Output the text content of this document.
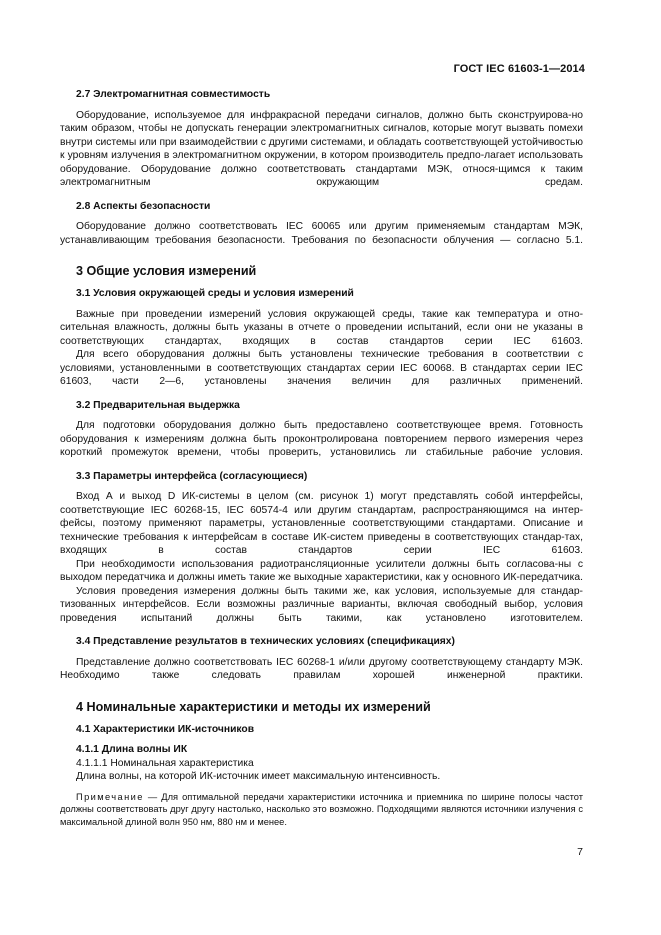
ГОСТ IEC 61603-1—2014
2.7 Электромагнитная совместимость

Оборудование, используемое для инфракрасной передачи сигналов, должно быть сконструирова-но таким образом, чтобы не допускать генерации электромагнитных сигналов, которые могут вызвать помехи внутри системы или при взаимодействии с другими системами, и обладать соответствующей устойчивостью к уровням излучения в электромагнитном окружении, в котором производитель предпо-лагает использовать оборудование. Оборудование должно соответствовать стандартами МЭК, относя-щимся к таким электромагнитным окружающим средам.

2.8 Аспекты безопасности

Оборудование должно соответствовать IEC 60065 или другим применяемым стандартам МЭК, устанавливающим требования безопасности. Требования по безопасности облучения — согласно 5.1.

3 Общие условия измерений
3.1 Условия окружающей среды и условия измерений

Важные при проведении измерений условия окружающей среды, такие как температура и отно-сительная влажность, должны быть указаны в отчете о проведении испытаний, если они не указаны в соответствующих стандартах, входящих в состав стандартов серии IEC 61603.

Для всего оборудования должны быть установлены технические требования в соответствии с условиями, установленными в соответствующих стандартах серии IEC 60068. В стандартах серии IEC 61603, части 2—6, установлены значения величин для различных применений.

3.2 Предварительная выдержка

Для подготовки оборудования должно быть предоставлено соответствующее время. Готовность оборудования к измерениям должна быть проконтролирована повторением первого измерения через короткий промежуток времени, чтобы проверить, установились ли стабильные рабочие условия.

3.3 Параметры интерфейса (согласующиеся)

Вход А и выход D ИК-системы в целом (см. рисунок 1) могут представлять собой интерфейсы, соответствующие IEC 60268-15, IEC 60574-4 или другим стандартам, распространяющимся на интер-фейсы, поэтому применяют параметры, установленные соответствующими стандартами. Описание и технические требования к интерфейсам в составе ИК-систем приведены в соответствующих стандар-тах, входящих в состав стандартов серии IEC 61603.

При необходимости использования радиотрансляционные усилители должны быть согласова-ны с выходом передатчика и должны иметь такие же выходные характеристики, как у основного ИК-передатчика.

Условия проведения измерения должны быть такими же, как условия, используемые для стандар-тизованных интерфейсов. Если возможны различные варианты, включая свободный выбор, условия проведения испытаний должны быть такими, как установлено изготовителем.

3.4 Представление результатов в технических условиях (спецификациях)

Представление должно соответствовать IEC 60268-1 и/или другому соответствующему стандарту МЭК. Необходимо также следовать правилам хорошей инженерной практики.

4 Номинальные характеристики и методы их измерений
4.1 Характеристики ИК-источников
4.1.1 Длина волны ИК
4.1.1.1 Номинальная характеристика
Длина волны, на которой ИК-источник имеет максимальную интенсивность.

Примечание — Для оптимальной передачи характеристики источника и приемника по ширине полосы частот должны соответствовать друг другу настолько, насколько это возможно. Подходящими являются источники излучения с максимальной длиной волн 950 нм, 880 нм и менее.

7
